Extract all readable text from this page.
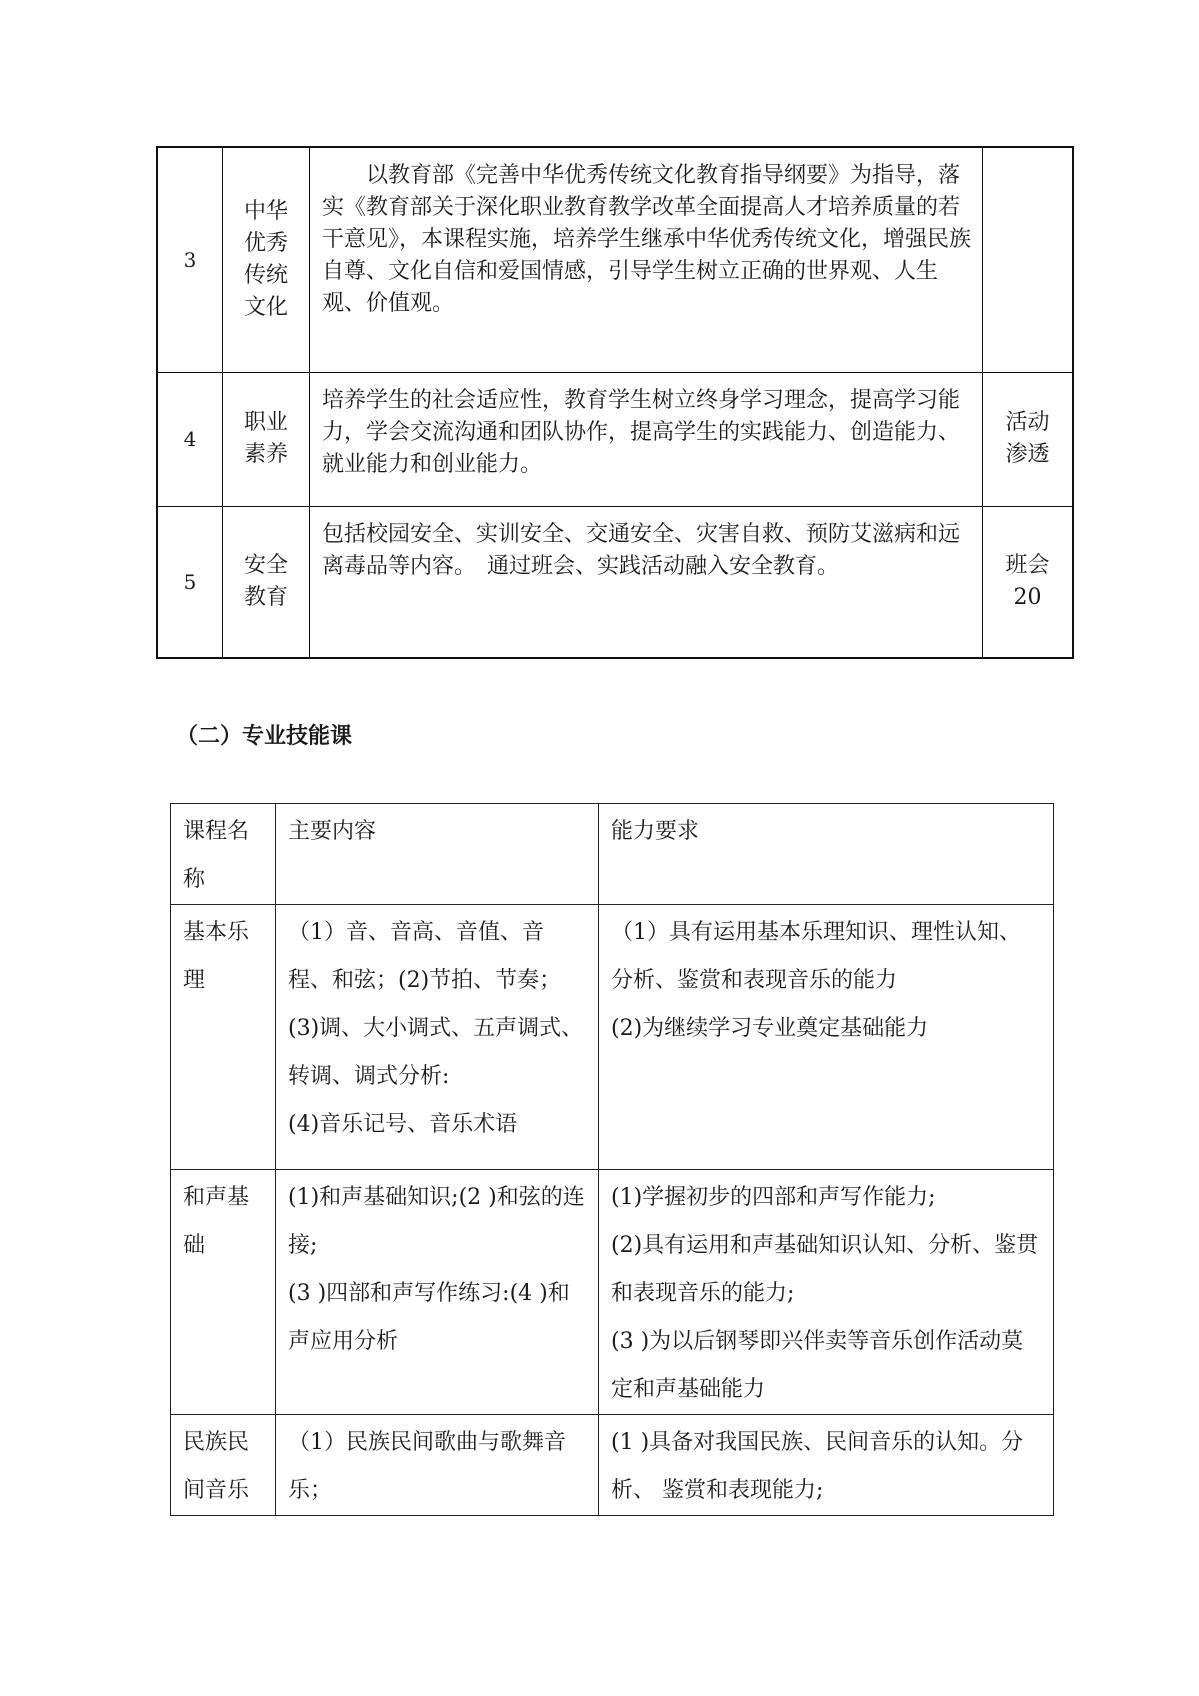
3	中华
优秀
传统
文化	以教育部《完善中华优秀传统文化教育指导纲要》为指导，落实《教育部关于深化职业教育教学改革全面提高人才培养质量的若干意见》，本课程实施，培养学生继承中华优秀传统文化，增强民族自尊、文化自信和爱国情感，引导学生树立正确的世界观、人生观、价值观。	
4	职业
素养	培养学生的社会适应性，教育学生树立终身学习理念，提高学习能力，学会交流沟通和团队协作，提高学生的实践能力、创造能力、就业能力和创业能力。	活动
渗透

5	安全
教育	包括校园安全、实训安全、交通安全、灾害自救、预防艾滋病和远离毒品等内容。　通过班会、实践活动融入安全教育。	班会
20
（二）专业技能课
课程名称	主要内容	能力要求
基本乐理	（1）音、音高、音值、音程、和弦；(2)节拍、节奏；
(3)调、大小调式、五声调式、转调、调式分析:
(4)音乐记号、音乐术语	（1）具有运用基本乐理知识、理性认知、分析、鉴赏和表现音乐的能力
(2)为继续学习专业奠定基础能力

和声基础	(1)和声基础知识;(2 )和弦的连接;
(3 )四部和声写作练习:(4 )和声应用分析	(1)学握初步的四部和声写作能力;
(2)具有运用和声基础知识认知、分析、鉴贯和表现音乐的能力;
(3 )为以后钢琴即兴伴卖等音乐创作活动莫定和声基础能力

民族民间音乐	（1）民族民间歌曲与歌舞音乐；	(1 )具备对我国民族、民间音乐的认知。分析、 鉴赏和表现能力;
